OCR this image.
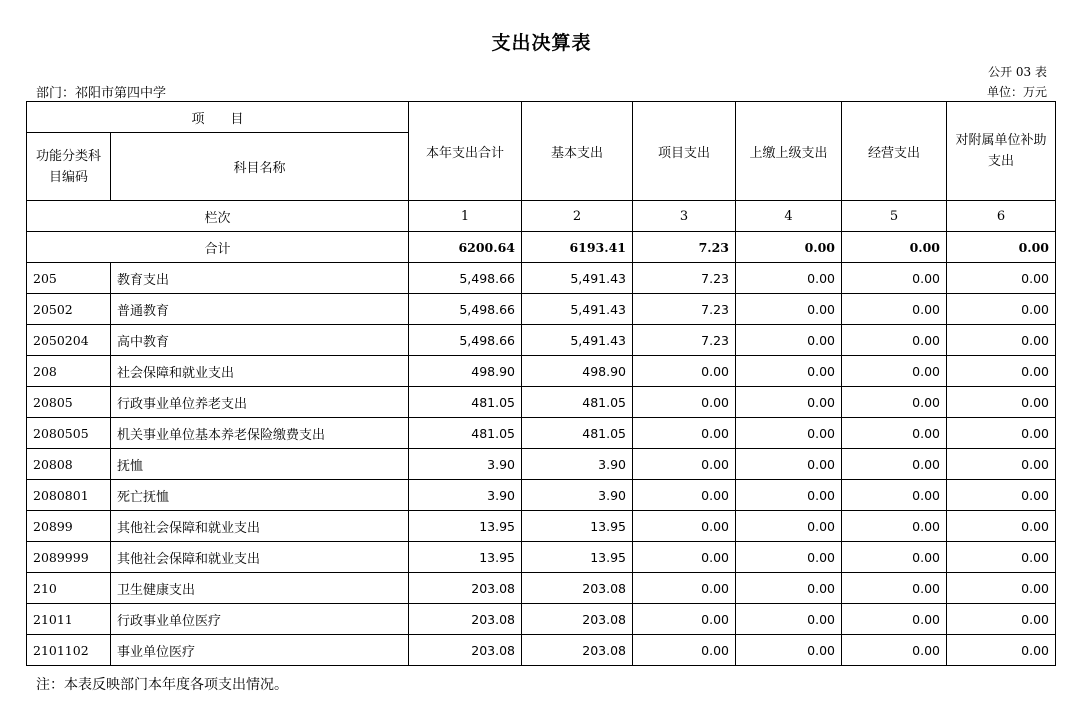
支出决算表
公开 03 表
部门：祁阳市第四中学	单位：万元
项　　目		本年支出合计	基本支出	项目支出	上缴上级支出	经营支出	对附属单位补助支出
功能分类科目编码	科目名称						
栏次		1	2	3	4	5	6
合计		6200.64	6193.41	7.23	0.00	0.00	0.00
205	教育支出	5,498.66	5,491.43	7.23	0.00	0.00	0.00
20502	普通教育	5,498.66	5,491.43	7.23	0.00	0.00	0.00
2050204	高中教育	5,498.66	5,491.43	7.23	0.00	0.00	0.00
208	社会保障和就业支出	498.90	498.90	0.00	0.00	0.00	0.00
20805	行政事业单位养老支出	481.05	481.05	0.00	0.00	0.00	0.00
2080505	机关事业单位基本养老保险缴费支出	481.05	481.05	0.00	0.00	0.00	0.00
20808	抚恤	3.90	3.90	0.00	0.00	0.00	0.00
2080801	死亡抚恤	3.90	3.90	0.00	0.00	0.00	0.00
20899	其他社会保障和就业支出	13.95	13.95	0.00	0.00	0.00	0.00
2089999	其他社会保障和就业支出	13.95	13.95	0.00	0.00	0.00	0.00
210	卫生健康支出	203.08	203.08	0.00	0.00	0.00	0.00
21011	行政事业单位医疗	203.08	203.08	0.00	0.00	0.00	0.00
2101102	事业单位医疗	203.08	203.08	0.00	0.00	0.00	0.00
注：本表反映部门本年度各项支出情况。
